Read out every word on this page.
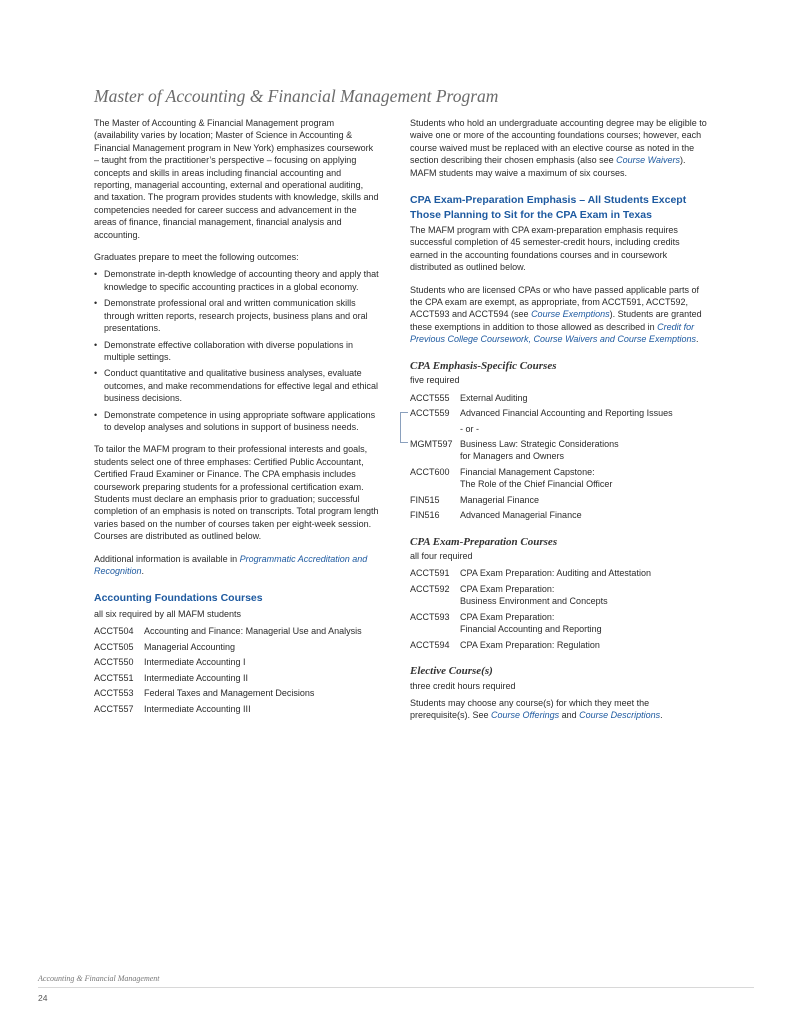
Master of Accounting & Financial Management Program

The Master of Accounting & Financial Management program (availability varies by location; Master of Science in Accounting & Financial Management program in New York) emphasizes coursework – taught from the practitioner’s perspective – focusing on applying concepts and skills in areas including financial accounting and reporting, managerial accounting, external and operational auditing, and taxation. The program provides students with knowledge, skills and competencies needed for career success and advancement in the areas of finance, financial management, financial analysis and accounting.

Graduates prepare to meet the following outcomes:

• Demonstrate in-depth knowledge of accounting theory and apply that knowledge to specific accounting practices in a global economy.
• Demonstrate professional oral and written communication skills through written reports, research projects, business plans and oral presentations.
• Demonstrate effective collaboration with diverse populations in multiple settings.
• Conduct quantitative and qualitative business analyses, evaluate outcomes, and make recommendations for effective legal and ethical business decisions.
• Demonstrate competence in using appropriate software applications to develop analyses and solutions in support of business needs.

To tailor the MAFM program to their professional interests and goals, students select one of three emphases: Certified Public Accountant, Certified Fraud Examiner or Finance. The CPA emphasis includes coursework preparing students for a professional certification exam. Students must declare an emphasis prior to graduation; successful completion of an emphasis is noted on transcripts. Total program length varies based on the number of courses taken per eight-week session. Courses are distributed as outlined below.

Additional information is available in Programmatic Accreditation and Recognition.

Accounting Foundations Courses
all six required by all MAFM students
ACCT504	Accounting and Finance: Managerial Use and Analysis
ACCT505	Managerial Accounting
ACCT550	Intermediate Accounting I
ACCT551	Intermediate Accounting II
ACCT553	Federal Taxes and Management Decisions
ACCT557	Intermediate Accounting III

Students who hold an undergraduate accounting degree may be eligible to waive one or more of the accounting foundations courses; however, each course waived must be replaced with an elective course as noted in the section describing their chosen emphasis (also see Course Waivers). MAFM students may waive a maximum of six courses.

CPA Exam-Preparation Emphasis – All Students Except Those Planning to Sit for the CPA Exam in Texas

The MAFM program with CPA exam-preparation emphasis requires successful completion of 45 semester-credit hours, including credits earned in the accounting foundations courses and in coursework distributed as outlined below.

Students who are licensed CPAs or who have passed applicable parts of the CPA exam are exempt, as appropriate, from ACCT591, ACCT592, ACCT593 and ACCT594 (see Course Exemptions). Students are granted these exemptions in addition to those allowed as described in Credit for Previous College Coursework, Course Waivers and Course Exemptions.

CPA Emphasis-Specific Courses
five required
ACCT555	External Auditing
ACCT559	Advanced Financial Accounting and Reporting Issues
- or -
MGMT597 Business Law: Strategic Considerations
for Managers and Owners
ACCT600	Financial Management Capstone:
The Role of the Chief Financial Officer
FIN515	Managerial Finance
FIN516	Advanced Managerial Finance
CPA Exam-Preparation Courses
all four required
ACCT591	CPA Exam Preparation: Auditing and Attestation
ACCT592	CPA Exam Preparation:
Business Environment and Concepts
ACCT593	CPA Exam Preparation:
Financial Accounting and Reporting
ACCT594	CPA Exam Preparation: Regulation
Elective Course(s)
three credit hours required

Students may choose any course(s) for which they meet the prerequisite(s). See Course Offerings and Course Descriptions.

Accounting & Financial Management
24
